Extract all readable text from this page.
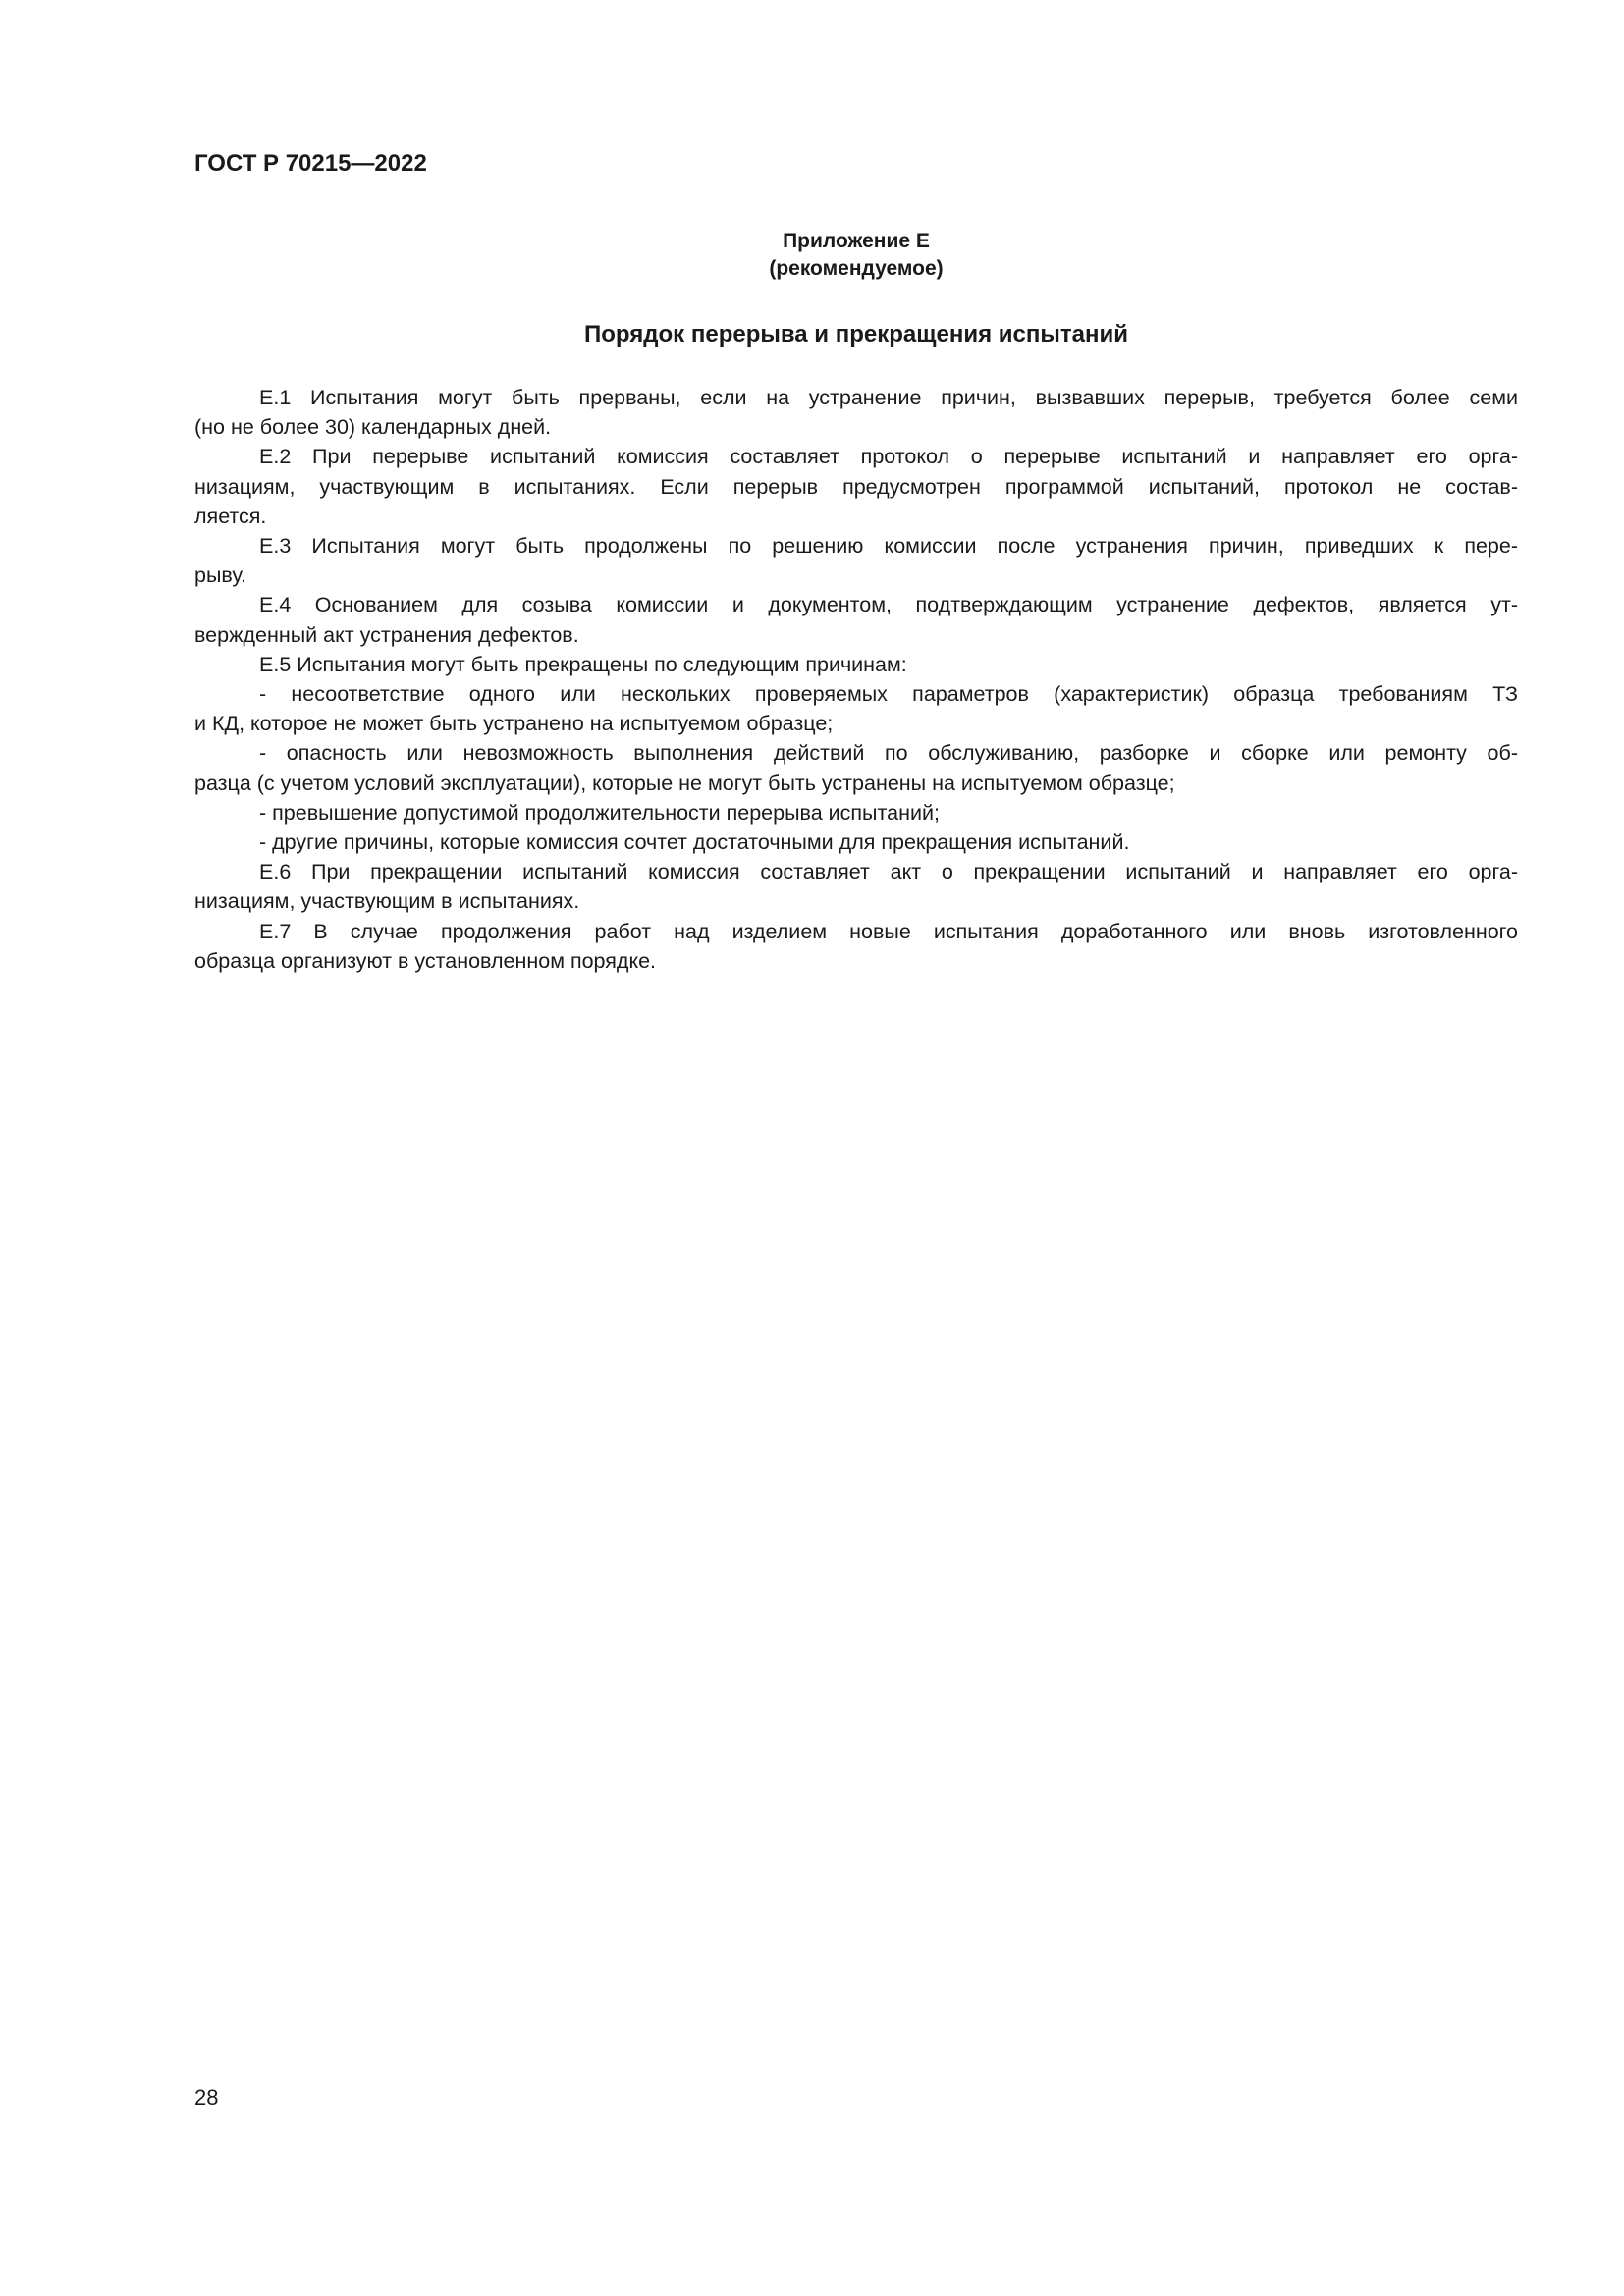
ГОСТ Р 70215—2022
Приложение Е
(рекомендуемое)
Порядок перерыва и прекращения испытаний
Е.1 Испытания могут быть прерваны, если на устранение причин, вызвавших перерыв, требуется более семи
(но не более 30) календарных дней.
Е.2 При перерыве испытаний комиссия составляет протокол о перерыве испытаний и направляет его орга-
низациям, участвующим в испытаниях. Если перерыв предусмотрен программой испытаний, протокол не состав-
ляется.
Е.3 Испытания могут быть продолжены по решению комиссии после устранения причин, приведших к пере-
рыву.
Е.4 Основанием для созыва комиссии и документом, подтверждающим устранение дефектов, является ут-
вержденный акт устранения дефектов.
Е.5 Испытания могут быть прекращены по следующим причинам:
- несоответствие одного или нескольких проверяемых параметров (характеристик) образца требованиям ТЗ
и КД, которое не может быть устранено на испытуемом образце;
- опасность или невозможность выполнения действий по обслуживанию, разборке и сборке или ремонту об-
разца (с учетом условий эксплуатации), которые не могут быть устранены на испытуемом образце;
- превышение допустимой продолжительности перерыва испытаний;
- другие причины, которые комиссия сочтет достаточными для прекращения испытаний.
Е.6 При прекращении испытаний комиссия составляет акт о прекращении испытаний и направляет его орга-
низациям, участвующим в испытаниях.
Е.7 В случае продолжения работ над изделием новые испытания доработанного или вновь изготовленного
образца организуют в установленном порядке.
28
